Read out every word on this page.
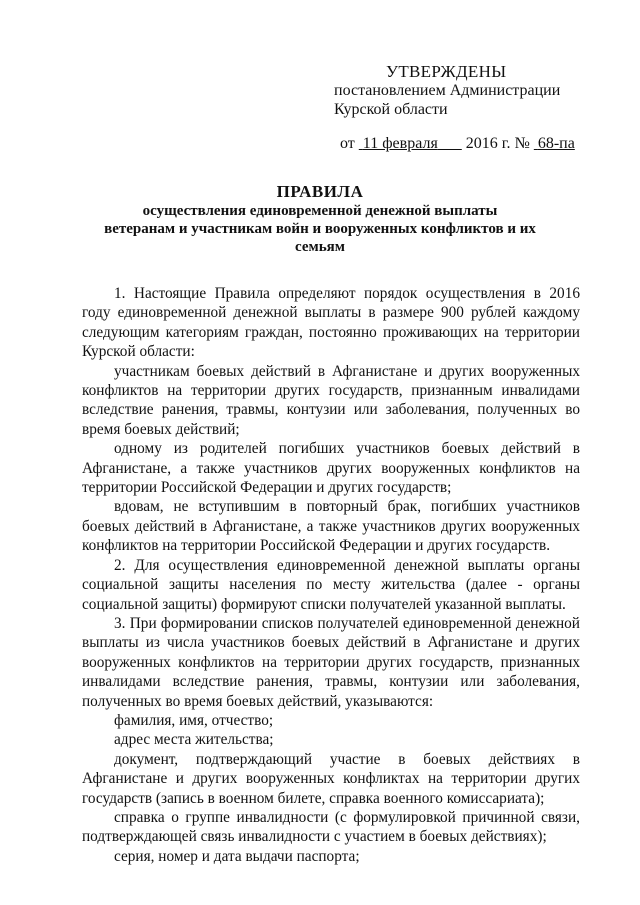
УТВЕРЖДЕНЫ
постановлением Администрации
Курской области
от 11 февраля 2016 г. № 68-па
ПРАВИЛА
осуществления единовременной денежной выплаты
ветеранам и участникам войн и вооруженных конфликтов и их
семьям

1. Настоящие Правила определяют порядок осуществления в 2016 году единовременной денежной выплаты в размере 900 рублей каждому следующим категориям граждан, постоянно проживающих на территории Курской области:

участникам боевых действий в Афганистане и других вооруженных конфликтов на территории других государств, признанным инвалидами вследствие ранения, травмы, контузии или заболевания, полученных во время боевых действий;

одному из родителей погибших участников боевых действий в Афганистане, а также участников других вооруженных конфликтов на территории Российской Федерации и других государств;

вдовам, не вступившим в повторный брак, погибших участников боевых действий в Афганистане, а также участников других вооруженных конфликтов на территории Российской Федерации и других государств.

2. Для осуществления единовременной денежной выплаты органы социальной защиты населения по месту жительства (далее - органы социальной защиты) формируют списки получателей указанной выплаты.

3. При формировании списков получателей единовременной денежной выплаты из числа участников боевых действий в Афганистане и других вооруженных конфликтов на территории других государств, признанных инвалидами вследствие ранения, травмы, контузии или заболевания, полученных во время боевых действий, указываются:

фамилия, имя, отчество;

адрес места жительства;

документ, подтверждающий участие в боевых действиях в Афганистане и других вооруженных конфликтах на территории других государств (запись в военном билете, справка военного комиссариата);

справка о группе инвалидности (с формулировкой причинной связи, подтверждающей связь инвалидности с участием в боевых действиях);

серия, номер и дата выдачи паспорта;
